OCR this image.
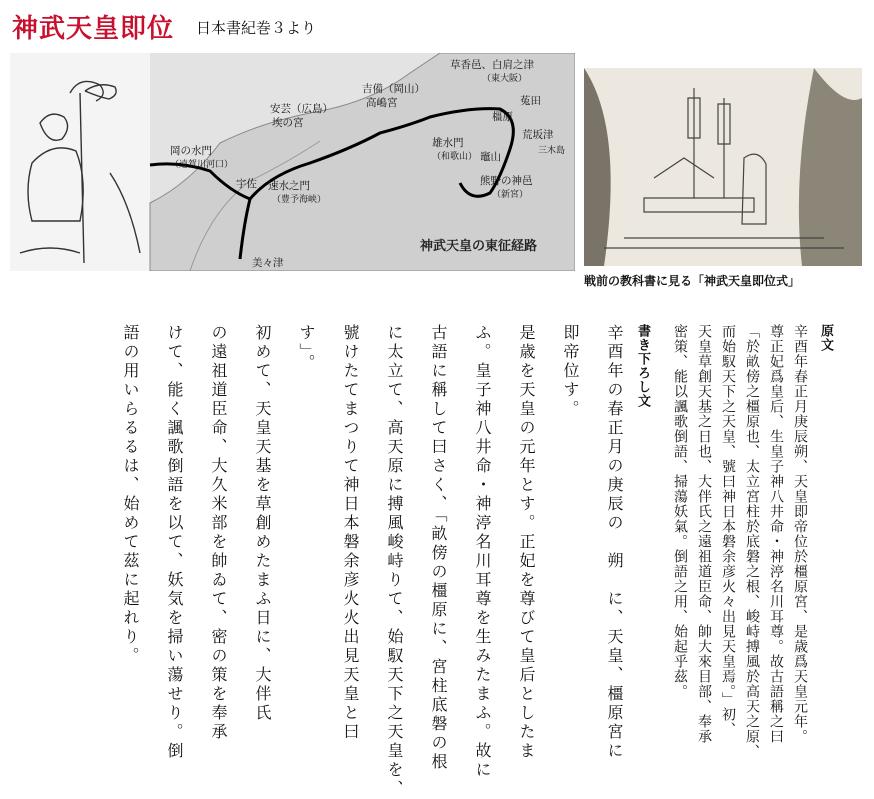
神武天皇即位 日本書紀巻３より
岡の水門
（遠賀川河口）
宇佐 速水之門
（豊予海峡）
美々津
安芸（広島）
埃の宮
吉備（岡山）
高嶋宮
草香邑、白肩之津
（東大阪）
菟田
橿原
荒坂津
三木島
雄水門
（和歌山） 竈山
熊野の神邑
（新宮）
神武天皇の東征経路
戦前の教科書に見る「神武天皇即位式」
原文
辛酉年春正月庚辰朔、天皇即帝位於橿原宮、是歳爲天皇元年。
尊正妃爲皇后、生皇子神八井命・神渟名川耳尊。故古語稱之曰
「於畝傍之橿原也、太立宮柱於底磐之根、峻峙搏風於高天之原、
而始馭天下之天皇、號曰神日本磐余彦火々出見天皇焉。」初、
天皇草創天基之日也、大伴氏之遠祖道臣命、帥大來目部、奉承
密策、能以諷歌倒語、掃蕩妖氣。倒語之用、始起乎茲。
書き下ろし文
辛酉年の春正月の庚辰の　朔　に、天皇、橿原宮に
即帝位す。
是歳を天皇の元年とす。正妃を尊びて皇后としたま
ふ。皇子神八井命・神渟名川耳尊を生みたまふ。故に
古語に稱して曰さく、「畝傍の橿原に、宮柱底磐の根
に太立て、高天原に搏風峻峙りて、始馭天下之天皇を、
號けたてまつりて神日本磐余彦火火出見天皇と曰
す」。
初めて、天皇天基を草創めたまふ日に、大伴氏
の遠祖道臣命、大久米部を帥ゐて、密の策を奉承
けて、能く諷歌倒語を以て、妖気を掃い蕩せり。倒
語の用いらるるは、始めて茲に起れり。
